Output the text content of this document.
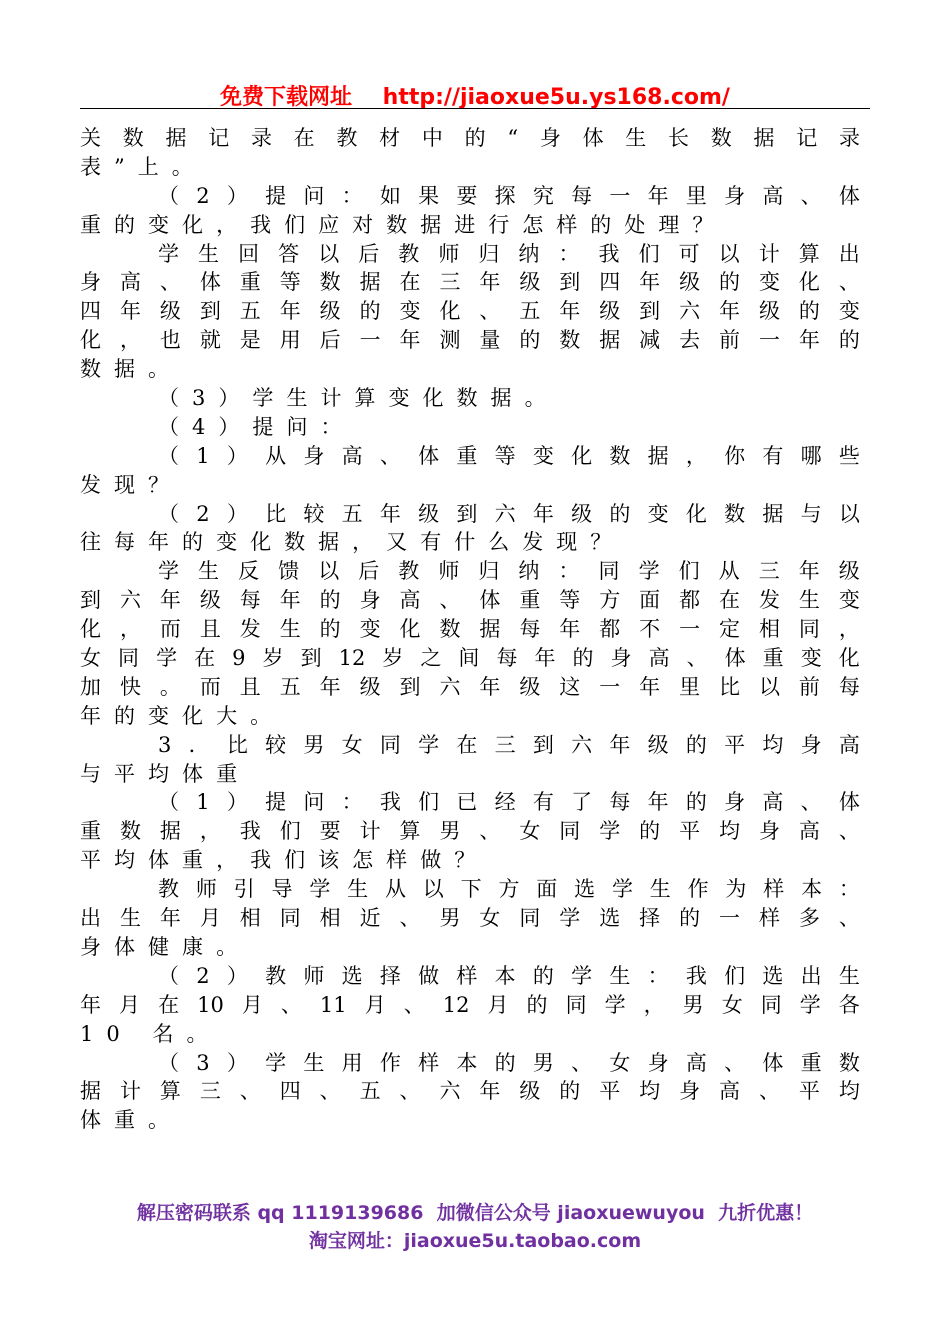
免费下载网址    http://jiaoxue5u.ys168.com/
关 数 据 记 录 在 教 材 中 的 “ 身 体 生 长 数 据 记 录
表”上。
（ 2 ） 提 问 ： 如 果 要 探 究 每 一 年 里 身 高 、 体
重的变化，我们应对数据进行怎样的处理？
学 生 回 答 以 后 教 师 归 纳 ： 我 们 可 以 计 算 出
身 高 、 体 重 等 数 据 在 三 年 级 到 四 年 级 的 变 化 、
四 年 级 到 五 年 级 的 变 化 、 五 年 级 到 六 年 级 的 变
化 ， 也 就 是 用 后 一 年 测 量 的 数 据 减 去 前 一 年 的
数据。
（3）学生计算变化数据。
（4）提问：
（ 1 ） 从 身 高 、 体 重 等 变 化 数 据 ， 你 有 哪 些
发现？
（ 2 ） 比 较 五 年 级 到 六 年 级 的 变 化 数 据 与 以
往每年的变化数据，又有什么发现？
学 生 反 馈 以 后 教 师 归 纳 ： 同 学 们 从 三 年 级
到 六 年 级 每 年 的 身 高 、 体 重 等 方 面 都 在 发 生 变
化 ， 而 且 发 生 的 变 化 数 据 每 年 都 不 一 定 相 同 ，
女 同 学 在 9 岁 到 12 岁 之 间 每 年 的 身 高 、 体 重 变 化
加 快 。 而 且 五 年 级 到 六 年 级 这 一 年 里 比 以 前 每
年的变化大。
3 ． 比 较 男 女 同 学 在 三 到 六 年 级 的 平 均 身 高
与平均体重
（ 1 ） 提 问 ： 我 们 已 经 有 了 每 年 的 身 高 、 体
重 数 据 ， 我 们 要 计 算 男 、 女 同 学 的 平 均 身 高 、
平均体重，我们该怎样做？
教 师 引 导 学 生 从 以 下 方 面 选 学 生 作 为 样 本 ：
出 生 年 月 相 同 相 近 、 男 女 同 学 选 择 的 一 样 多 、
身体健康。
（ 2 ） 教 师 选 择 做 样 本 的 学 生 ： 我 们 选 出 生
年 月 在 10 月 、 11 月 、 12 月 的 同 学 ， 男 女 同 学 各
10 名。
（ 3 ） 学 生 用 作 样 本 的 男 、 女 身 高 、 体 重 数
据 计 算 三 、 四 、 五 、 六 年 级 的 平 均 身 高 、 平 均
体重。
解压密码联系 qq 1119139686  加微信公众号 jiaoxuewuyou  九折优惠！
淘宝网址：jiaoxue5u.taobao.com
